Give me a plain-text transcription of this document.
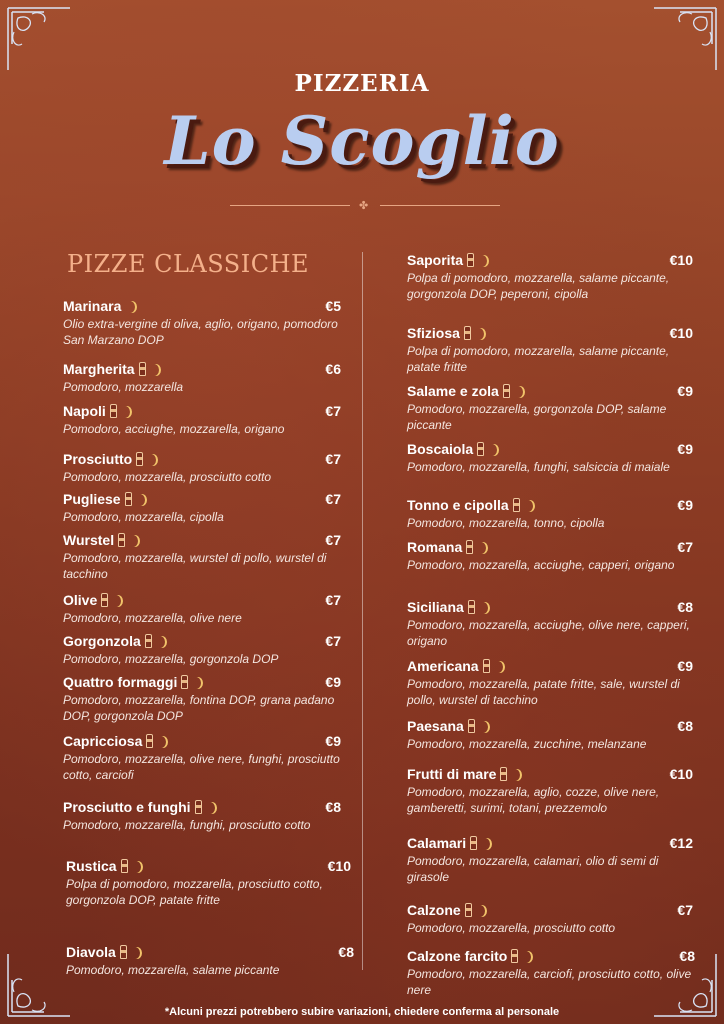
PIZZERIA
Lo Scoglio
✤
PIZZE CLASSICHE
Marinara	€5
Olio extra-vergine di oliva, aglio, origano, pomodoro San Marzano DOP
Margherita	€6
Pomodoro, mozzarella
Napoli	€7
Pomodoro, acciughe, mozzarella, origano
Prosciutto	€7
Pomodoro, mozzarella, prosciutto cotto
Pugliese	€7
Pomodoro, mozzarella, cipolla
Wurstel	€7
Pomodoro, mozzarella, wurstel di pollo, wurstel di tacchino
Olive	€7
Pomodoro, mozzarella, olive nere
Gorgonzola	€7
Pomodoro, mozzarella, gorgonzola DOP
Quattro formaggi	€9
Pomodoro, mozzarella, fontina DOP, grana padano DOP, gorgonzola DOP
Capricciosa	€9
Pomodoro, mozzarella, olive nere, funghi, prosciutto cotto, carciofi
Prosciutto e funghi	€8
Pomodoro, mozzarella, funghi, prosciutto cotto
Rustica	€10
Polpa di pomodoro, mozzarella, prosciutto cotto, gorgonzola DOP, patate fritte
Diavola	€8
Pomodoro, mozzarella, salame piccante
Saporita	€10
Polpa di pomodoro, mozzarella, salame piccante, gorgonzola DOP, peperoni, cipolla
Sfiziosa	€10
Polpa di pomodoro, mozzarella, salame piccante, patate fritte
Salame e zola	€9
Pomodoro, mozzarella, gorgonzola DOP, salame piccante
Boscaiola	€9
Pomodoro, mozzarella, funghi, salsiccia di maiale
Tonno e cipolla	€9
Pomodoro, mozzarella, tonno, cipolla
Romana	€7
Pomodoro, mozzarella, acciughe, capperi, origano
Siciliana	€8
Pomodoro, mozzarella, acciughe, olive nere, capperi, origano
Americana	€9
Pomodoro, mozzarella, patate fritte, sale, wurstel di pollo, wurstel di tacchino
Paesana	€8
Pomodoro, mozzarella, zucchine, melanzane
Frutti di mare	€10
Pomodoro, mozzarella, aglio, cozze, olive nere, gamberetti, surimi, totani, prezzemolo
Calamari	€12
Pomodoro, mozzarella, calamari, olio di semi di girasole
Calzone	€7
Pomodoro, mozzarella, prosciutto cotto
Calzone farcito	€8
Pomodoro, mozzarella, carciofi, prosciutto cotto, olive nere
*Alcuni prezzi potrebbero subire variazioni, chiedere conferma al personale
